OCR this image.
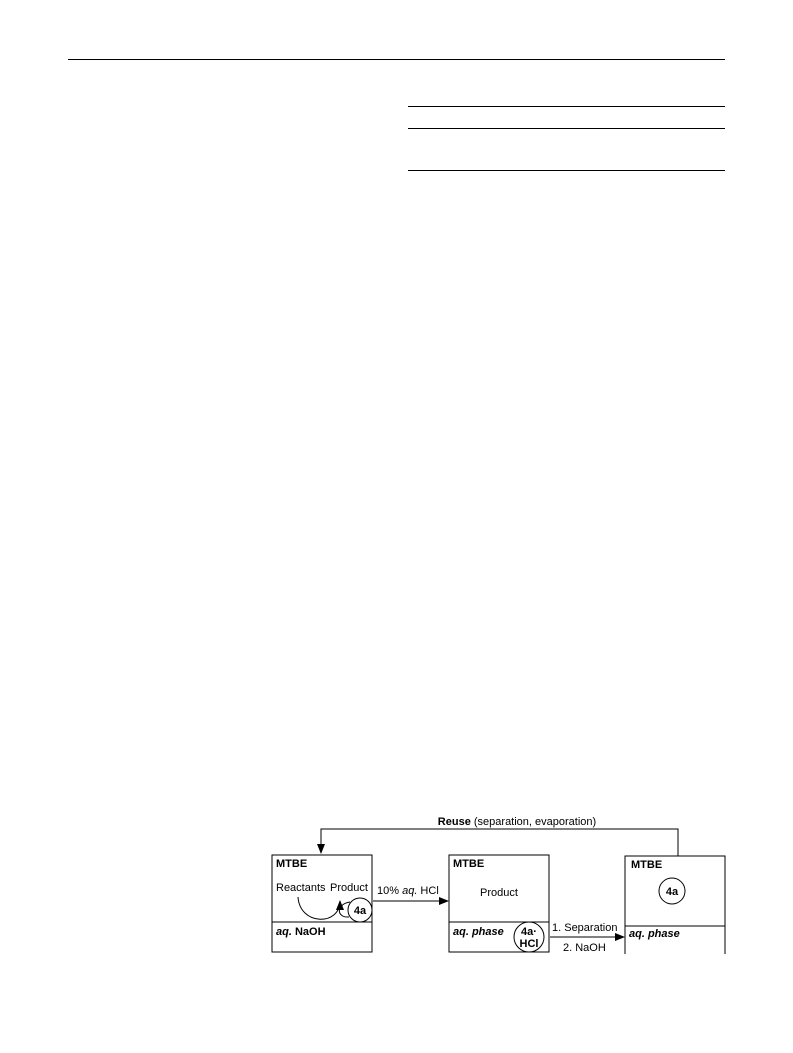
Reuse (separation, evaporation)
MTBE
Reactants Product
4a
aq. NaOH
10% aq. HCl
MTBE
Product
aq. phase 4a·
HCl
1. Separation
2. NaOH
MTBE
4a
aq. phase
